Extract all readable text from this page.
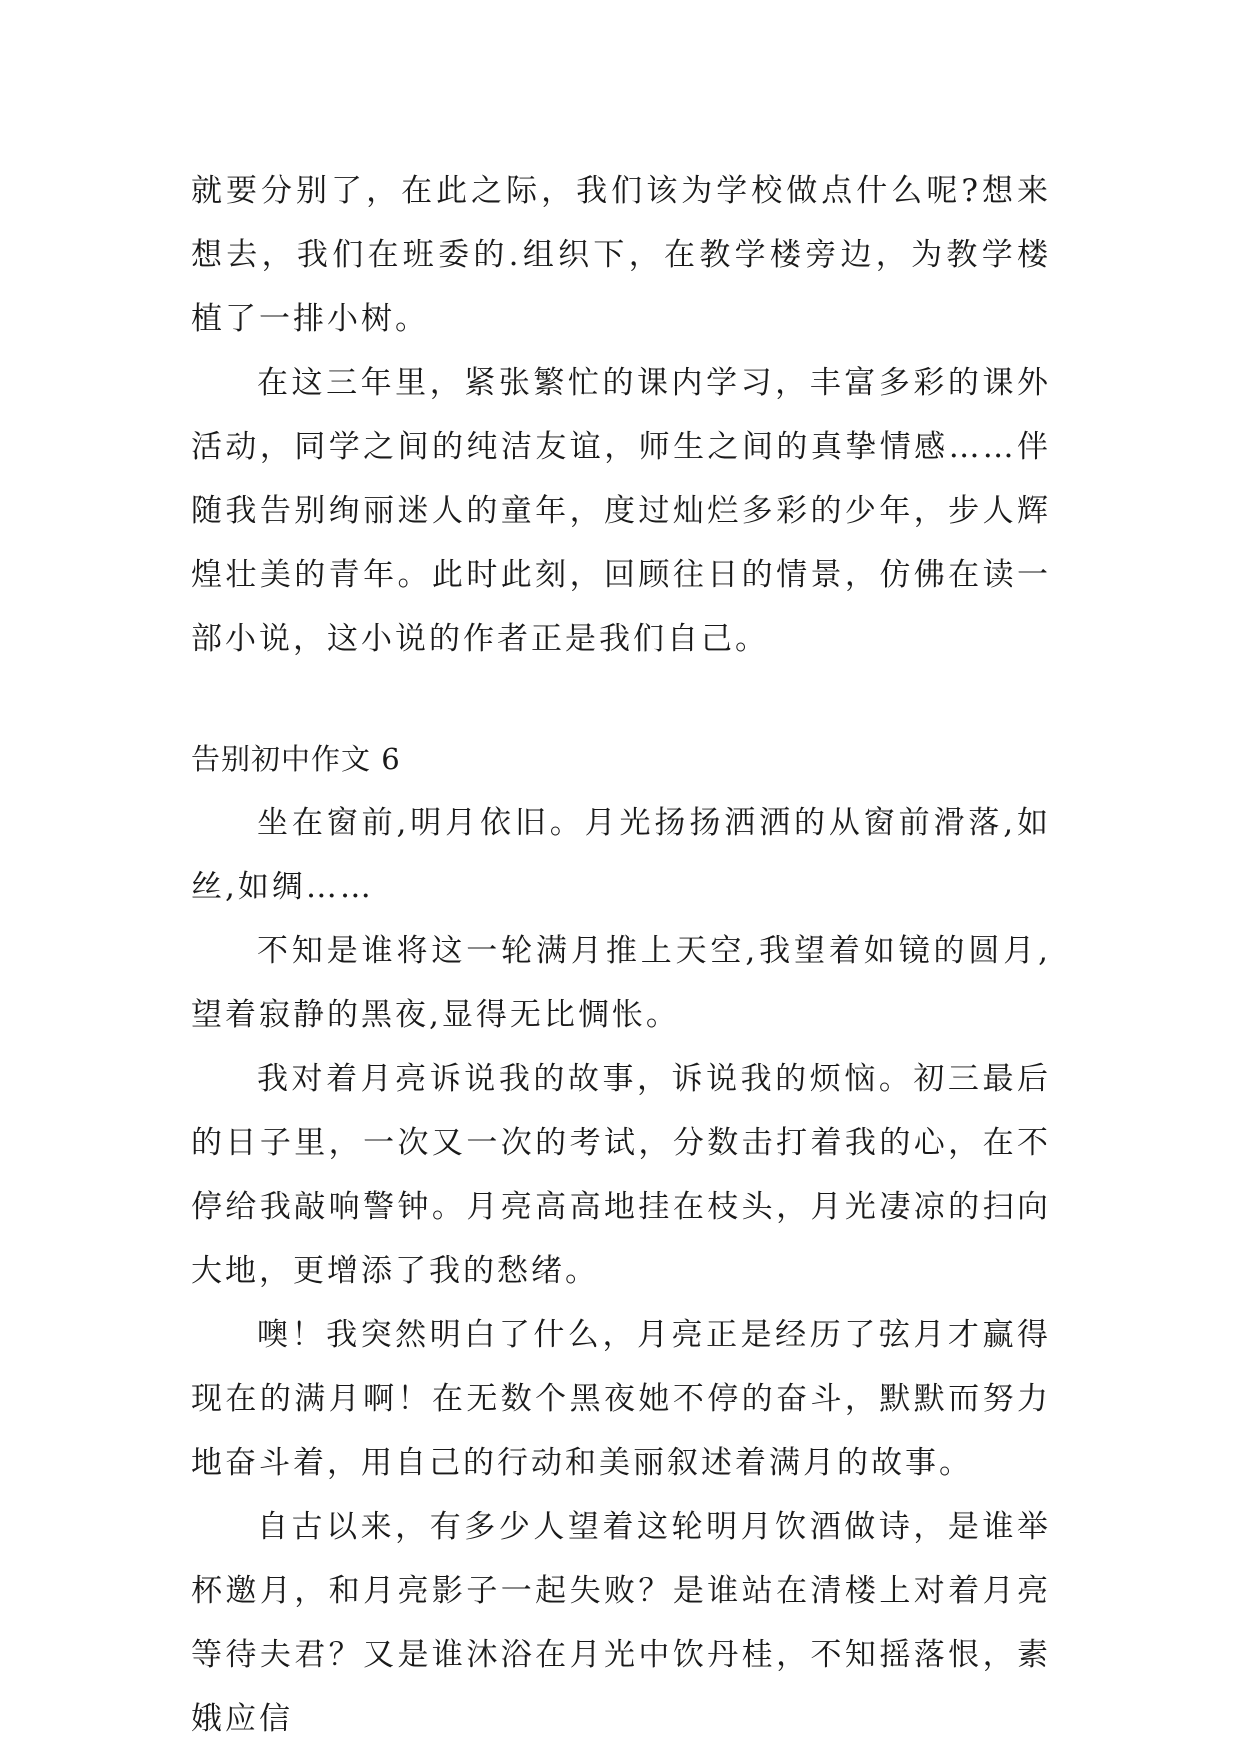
就要分别了，在此之际，我们该为学校做点什么呢?想来想去，我们在班委的.组织下，在教学楼旁边，为教学楼植了一排小树。

在这三年里，紧张繁忙的课内学习，丰富多彩的课外活动，同学之间的纯洁友谊，师生之间的真挚情感……伴随我告别绚丽迷人的童年，度过灿烂多彩的少年，步人辉煌壮美的青年。此时此刻，回顾往日的情景，仿佛在读一部小说，这小说的作者正是我们自己。

告别初中作文 6

坐在窗前,明月依旧。月光扬扬洒洒的从窗前滑落,如丝,如绸……

不知是谁将这一轮满月推上天空,我望着如镜的圆月,望着寂静的黑夜,显得无比惆怅。

我对着月亮诉说我的故事，诉说我的烦恼。初三最后的日子里，一次又一次的考试，分数击打着我的心，在不停给我敲响警钟。月亮高高地挂在枝头，月光凄凉的扫向大地，更增添了我的愁绪。

噢！我突然明白了什么，月亮正是经历了弦月才赢得现在的满月啊！在无数个黑夜她不停的奋斗，默默而努力地奋斗着，用自己的行动和美丽叙述着满月的故事。

自古以来，有多少人望着这轮明月饮酒做诗，是谁举杯邀月，和月亮影子一起失败？是谁站在清楼上对着月亮等待夫君？又是谁沐浴在月光中饮丹桂，不知摇落恨，素娥应信
